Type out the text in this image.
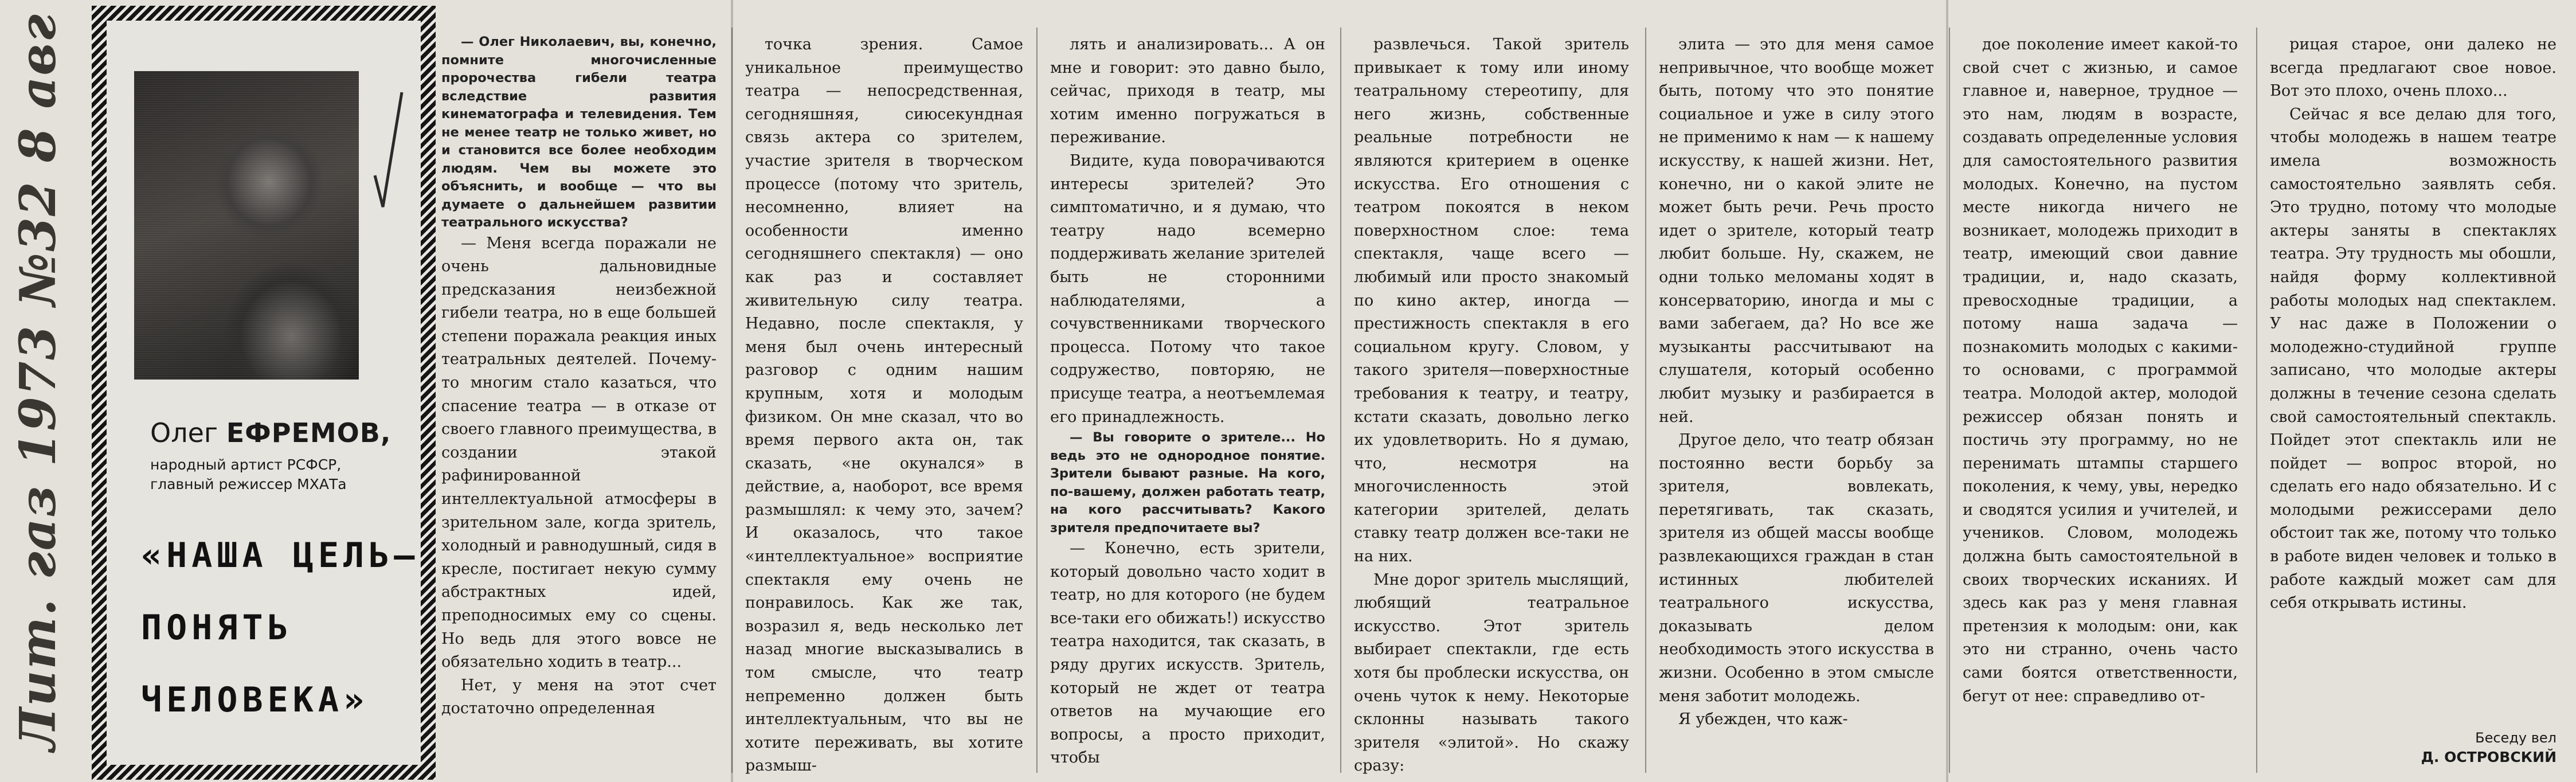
Лит. газ 1973 №32 8 авг	Олег ЕФРЕМОВ,
народный артист РСФСР,
главный режиссер МХАТа
«НАША ЦЕЛЬ—
ПОНЯТЬ
ЧЕЛОВЕКА»

— Олег Николаевич, вы, конечно, помните многочисленные пророчества гибели театра вследствие развития кинематографа и телевидения. Тем не менее театр не только живет, но и становится все более необходим людям. Чем вы можете это объяснить, и вообще — что вы думаете о дальнейшем развитии театрального искусства?

— Меня всегда поражали не очень дальновидные предсказания неизбежной гибели театра, но в еще большей степени поражала реакция иных театральных деятелей. Почему-то многим стало казаться, что спасение театра — в отказе от своего главного преимущества, в создании этакой рафинированной интеллектуальной атмосферы в зрительном зале, когда зритель, холодный и равнодушный, сидя в кресле, постигает некую сумму абстрактных идей, преподносимых ему со сцены. Но ведь для этого вовсе не обязательно ходить в театр...

Нет, у меня на этот счет достаточно определенная

точка зрения. Самое уникальное преимущество театра — непосредственная, сегодняшняя, сиюсекундная связь актера со зрителем, участие зрителя в творческом процессе (потому что зритель, несомненно, влияет на особенности именно сегодняшнего спектакля) — оно как раз и составляет живительную силу театра. Недавно, после спектакля, у меня был очень интересный разговор с одним нашим крупным, хотя и молодым физиком. Он мне сказал, что во время первого акта он, так сказать, «не окунался» в действие, а, наоборот, все время размышлял: к чему это, зачем? И оказалось, что такое «интеллектуальное» восприятие спектакля ему очень не понравилось. Как же так, возразил я, ведь несколько лет назад многие высказывались в том смысле, что театр непременно должен быть интеллектуальным, что вы не хотите переживать, вы хотите размыш-

лять и анализировать... А он мне и говорит: это давно было, сейчас, приходя в театр, мы хотим именно погружаться в переживание.

Видите, куда поворачиваются интересы зрителей? Это симптоматично, и я думаю, что театру надо всемерно поддерживать желание зрителей быть не сторонними наблюдателями, а сочувственниками творческого процесса. Потому что такое содружество, повторяю, не присуще театра, а неотъемлемая его принадлежность.

— Вы говорите о зрителе... Но ведь это не однородное понятие. Зрители бывают разные. На кого, по-вашему, должен работать театр, на кого рассчитывать? Какого зрителя предпочитаете вы?

— Конечно, есть зрители, который довольно часто ходит в театр, но для которого (не будем все-таки его обижать!) искусство театра находится, так сказать, в ряду других искусств. Зритель, который не ждет от театра ответов на мучающие его вопросы, а просто приходит, чтобы

развлечься. Такой зритель привыкает к тому или иному театральному стереотипу, для него жизнь, собственные реальные потребности не являются критерием в оценке искусства. Его отношения с театром покоятся в неком поверхностном слое: тема спектакля, чаще всего — любимый или просто знакомый по кино актер, иногда — престижность спектакля в его социальном кругу. Словом, у такого зрителя—поверхностные требования к театру, и театру, кстати сказать, довольно легко их удовлетворить. Но я думаю, что, несмотря на многочисленность этой категории зрителей, делать ставку театр должен все-таки не на них.

Мне дорог зритель мыслящий, любящий театральное искусство. Этот зритель выбирает спектакли, где есть хотя бы проблески искусства, он очень чуток к нему. Некоторые склонны называть такого зрителя «элитой». Но скажу сразу:

элита — это для меня самое непривычное, что вообще может быть, потому что это понятие социальное и уже в силу этого не применимо к нам — к нашему искусству, к нашей жизни. Нет, конечно, ни о какой элите не может быть речи. Речь просто идет о зрителе, который театр любит больше. Ну, скажем, не одни только меломаны ходят в консерваторию, иногда и мы с вами забегаем, да? Но все же музыканты рассчитывают на слушателя, который особенно любит музыку и разбирается в ней.

Другое дело, что театр обязан постоянно вести борьбу за зрителя, вовлекать, перетягивать, так сказать, зрителя из общей массы вообще развлекающихся граждан в стан истинных любителей театрального искусства, доказывать делом необходимость этого искусства в жизни. Особенно в этом смысле меня заботит молодежь.

Я убежден, что каж-

дое поколение имеет какой-то свой счет с жизнью, и самое главное и, наверное, трудное — это нам, людям в возрасте, создавать определенные условия для самостоятельного развития молодых. Конечно, на пустом месте никогда ничего не возникает, молодежь приходит в театр, имеющий свои давние традиции, и, надо сказать, превосходные традиции, а потому наша задача — познакомить молодых с какими-то основами, с программой театра. Молодой актер, молодой режиссер обязан понять и постичь эту программу, но не перенимать штампы старшего поколения, к чему, увы, нередко и сводятся усилия и учителей, и учеников. Словом, молодежь должна быть самостоятельной в своих творческих исканиях. И здесь как раз у меня главная претензия к молодым: они, как это ни странно, очень часто сами боятся ответственности, бегут от нее: справедливо от-

рицая старое, они далеко не всегда предлагают свое новое. Вот это плохо, очень плохо...

Сейчас я все делаю для того, чтобы молодежь в нашем театре имела возможность самостоятельно заявлять себя. Это трудно, потому что молодые актеры заняты в спектаклях театра. Эту трудность мы обошли, найдя форму коллективной работы молодых над спектаклем. У нас даже в Положении о молодежно-студийной группе записано, что молодые актеры должны в течение сезона сделать свой самостоятельный спектакль. Пойдет этот спектакль или не пойдет — вопрос второй, но сделать его надо обязательно. И с молодыми режиссерами дело обстоит так же, потому что только в работе виден человек и только в работе каждый может сам для себя открывать истины.

Беседу вел
Д. ОСТРОВСКИЙ
